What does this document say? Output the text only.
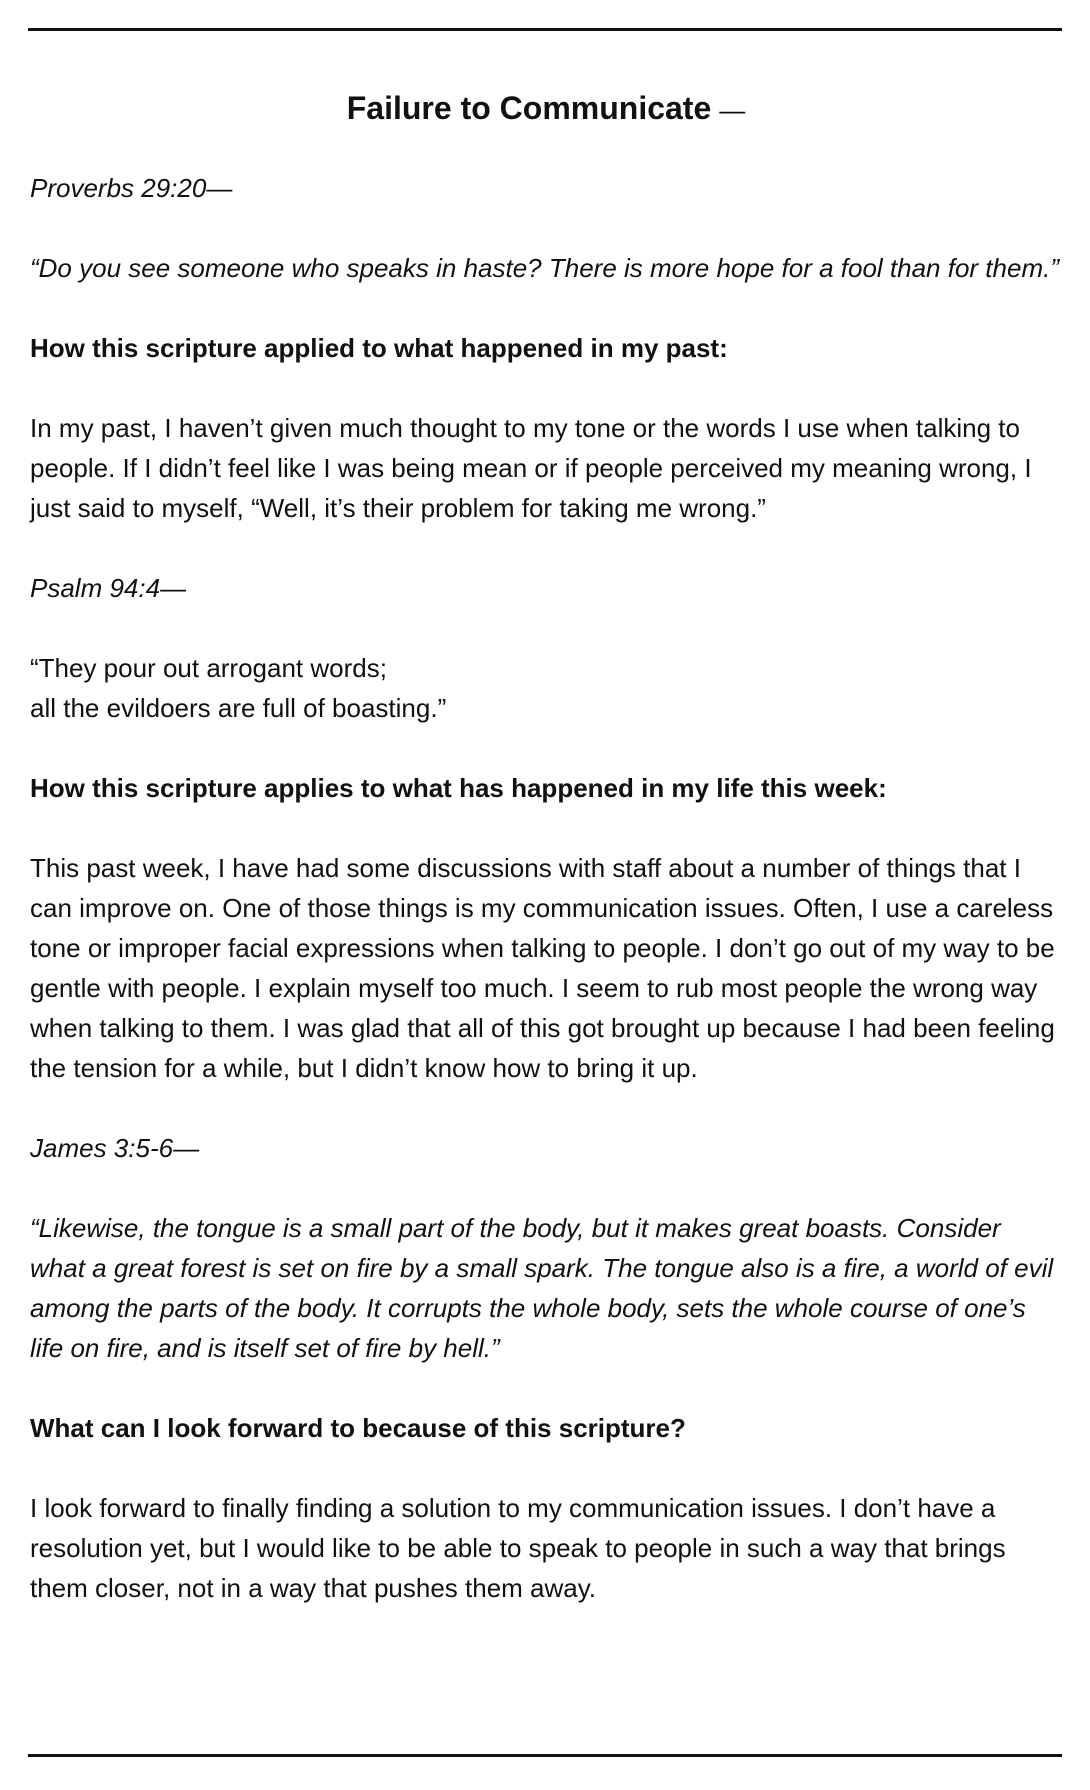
Failure to Communicate —

Proverbs 29:20—

“Do you see someone who speaks in haste? There is more hope for a fool than for them.”

How this scripture applied to what happened in my past:

In my past, I haven’t given much thought to my tone or the words I use when talking to people. If I didn’t feel like I was being mean or if people perceived my meaning wrong, I just said to myself, “Well, it’s their problem for taking me wrong.”

Psalm 94:4—

“They pour out arrogant words;
all the evildoers are full of boasting.”

How this scripture applies to what has happened in my life this week:

This past week, I have had some discussions with staff about a number of things that I can improve on. One of those things is my communication issues. Often, I use a careless tone or improper facial expressions when talking to people. I don’t go out of my way to be gentle with people. I explain myself too much. I seem to rub most people the wrong way when talking to them. I was glad that all of this got brought up because I had been feeling the tension for a while, but I didn’t know how to bring it up.

James 3:5-6—

“Likewise, the tongue is a small part of the body, but it makes great boasts. Consider what a great forest is set on fire by a small spark. The tongue also is a fire, a world of evil among the parts of the body. It corrupts the whole body, sets the whole course of one’s life on fire, and is itself set of fire by hell.”

What can I look forward to because of this scripture?

I look forward to finally finding a solution to my communication issues. I don’t have a resolution yet, but I would like to be able to speak to people in such a way that brings them closer, not in a way that pushes them away.
